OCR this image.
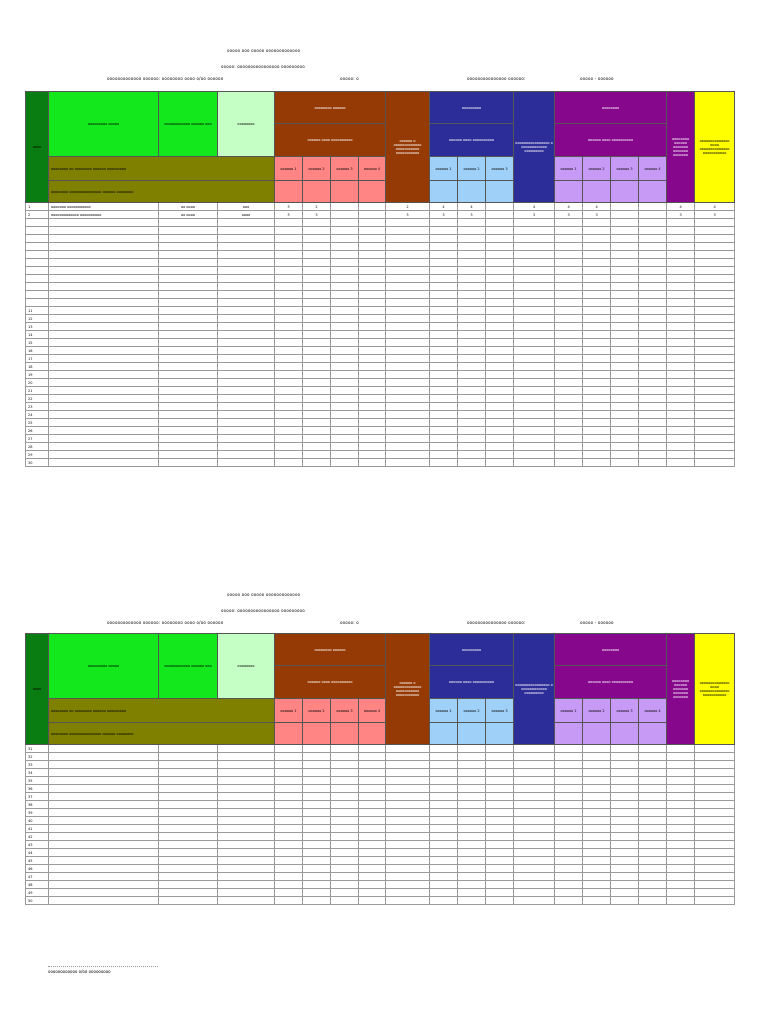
ooooo ooo ooooo ooooooooooooo
ooooo: oooooooooooooooo ooooooooo
ooooooooooooo oooooo: oooooooo oooo o/oo oooooo	ooooo: o	ooooooooooooooo oooooo:	ooooo - oooooo
oooo	ooooooooo ooooo	oooooooooooo oooooo ooo	oooooooo	oooooooo oooooo				oooooo o ooooooooooooo ooooooooooo ooooooooooo	ooooooooo			oooooooooooooooo o oooooooooooo ooooooooo	oooooooo				oooooooo oooooo ooooooo ooooooo ooooooo	oooooooooooooo oooo oooooooooooooo ooooooooooo
				oooooo oooo oooooooooo					oooooo oooo oooooooooo				oooooo oooo oooooooooo					
	oooooooo oo oooooooo oooooo ooooooooo			oooooo 1	oooooo 2	oooooo 3	oooooo 4		oooooo 1	oooooo 2	oooooo 3		oooooo 1	oooooo 2	oooooo 3	oooooo 4		
	oooooooo ooooooooooooooo oooooo oooooooo																	
1	ooooooo ooooooooooo	oo oooo	ooo	3	2			2	4	4		4	4	4			4	4
2	ooooooooooooo oooooooooo	oo oooo	oooo	3	3			3	3	3		3	3	3			3	3

11																		
12																		
13																		
14																		
15																		
16																		
17																		
18																		
19																		
20																		
21																		
22																		
23																		
24																		
25																		
26																		
27																		
28																		
29																		
30																		
ooooo ooo ooooo ooooooooooooo
ooooo: oooooooooooooooo ooooooooo
ooooooooooooo oooooo: oooooooo oooo o/oo oooooo	ooooo: o	ooooooooooooooo oooooo:	ooooo - oooooo
oooo	ooooooooo ooooo	oooooooooooo oooooo ooo	oooooooo	oooooooo oooooo				oooooo o ooooooooooooo ooooooooooo ooooooooooo	ooooooooo			oooooooooooooooo o oooooooooooo ooooooooo	oooooooo				oooooooo oooooo ooooooo ooooooo ooooooo	oooooooooooooo oooo oooooooooooooo ooooooooooo
				oooooo oooo oooooooooo					oooooo oooo oooooooooo				oooooo oooo oooooooooo					
	oooooooo oo oooooooo oooooo ooooooooo			oooooo 1	oooooo 2	oooooo 3	oooooo 4		oooooo 1	oooooo 2	oooooo 3		oooooo 1	oooooo 2	oooooo 3	oooooo 4		
	oooooooo ooooooooooooooo oooooo oooooooo																	
31																		
32																		
33																		
34																		
35																		
36																		
37																		
38																		
39																		
40																		
41																		
42																		
43																		
44																		
45																		
46																		
47																		
48																		
49																		
50																		
oooooooooooo o/oo ooooooooo
